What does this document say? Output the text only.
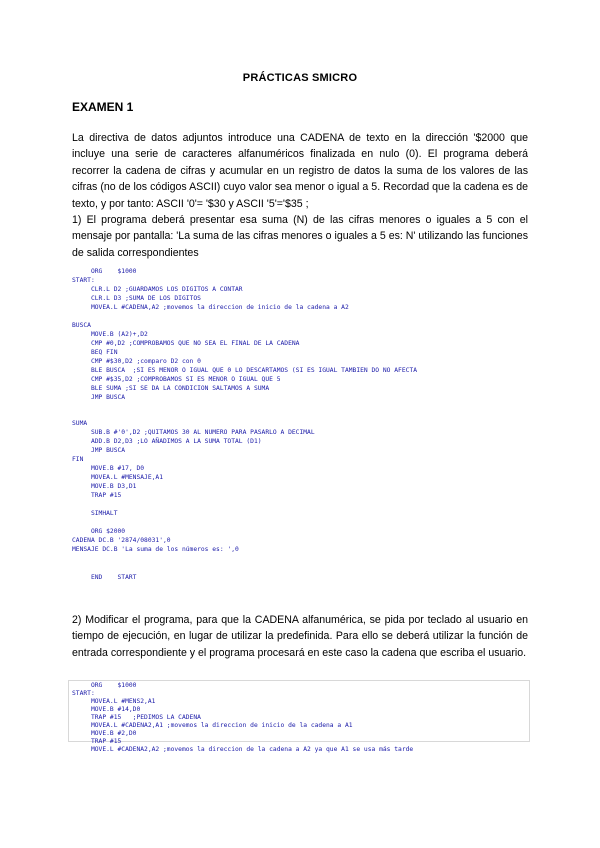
PRÁCTICAS SMICRO
EXAMEN 1

La directiva de datos adjuntos introduce una CADENA de texto en la dirección '$2000 que incluye una serie de caracteres alfanuméricos finalizada en nulo (0). El programa deberá recorrer la cadena de cifras y acumular en un registro de datos la suma de los valores de las cifras (no de los códigos ASCII) cuyo valor sea menor o igual a 5. Recordad que la cadena es de texto, y por tanto: ASCII '0'= '$30 y ASCII '5'='$35 ;

1) El programa deberá presentar esa suma (N) de las cifras menores o iguales a 5 con el mensaje por pantalla: 'La suma de las cifras menores o iguales a 5 es: N' utilizando las funciones de salida correspondientes

ORG    $1000
START:
CLR.L D2 ;GUARDAMOS LOS DIGITOS A CONTAR
CLR.L D3 ;SUMA DE LOS DIGITOS
MOVEA.L #CADENA,A2 ;movemos la direccion de inicio de la cadena a A2
BUSCA
MOVE.B (A2)+,D2
CMP #0,D2 ;COMPROBAMOS QUE NO SEA EL FINAL DE LA CADENA
BEQ FIN
CMP #$30,D2 ;comparo D2 con 0
BLE BUSCA  ;SI ES MENOR O IGUAL QUE 0 LO DESCARTAMOS (SI ES IGUAL TAMBIEN DO NO AFECTA
CMP #$35,D2 ;COMPROBAMOS SI ES MENOR O IGUAL QUE 5
BLE SUMA ;SI SE DA LA CONDICION SALTAMOS A SUMA
JMP BUSCA
SUMA
SUB.B #'0',D2 ;QUITAMOS 30 AL NUMERO PARA PASARLO A DECIMAL
ADD.B D2,D3 ;LO AÑADIMOS A LA SUMA TOTAL (D1)
JMP BUSCA
FIN
MOVE.B #17, D0
MOVEA.L #MENSAJE,A1
MOVE.B D3,D1
TRAP #15
SIMHALT
ORG $2000
CADENA DC.B '2874/08031',0
MENSAJE DC.B 'La suma de los números es: ',0
END    START

2) Modificar el programa, para que la CADENA alfanumérica, se pida por teclado al usuario en tiempo de ejecución, en lugar de utilizar la predefinida. Para ello se deberá utilizar la función de entrada correspondiente y el programa procesará en este caso la cadena que escriba el usuario.

ORG    $1000
START:
MOVEA.L #MENS2,A1
MOVE.B #14,D0
TRAP #15   ;PEDIMOS LA CADENA
MOVEA.L #CADENA2,A1 ;movemos la direccion de inicio de la cadena a A1
MOVE.B #2,D0
TRAP #15
MOVE.L #CADENA2,A2 ;movemos la direccion de la cadena a A2 ya que A1 se usa más tarde
